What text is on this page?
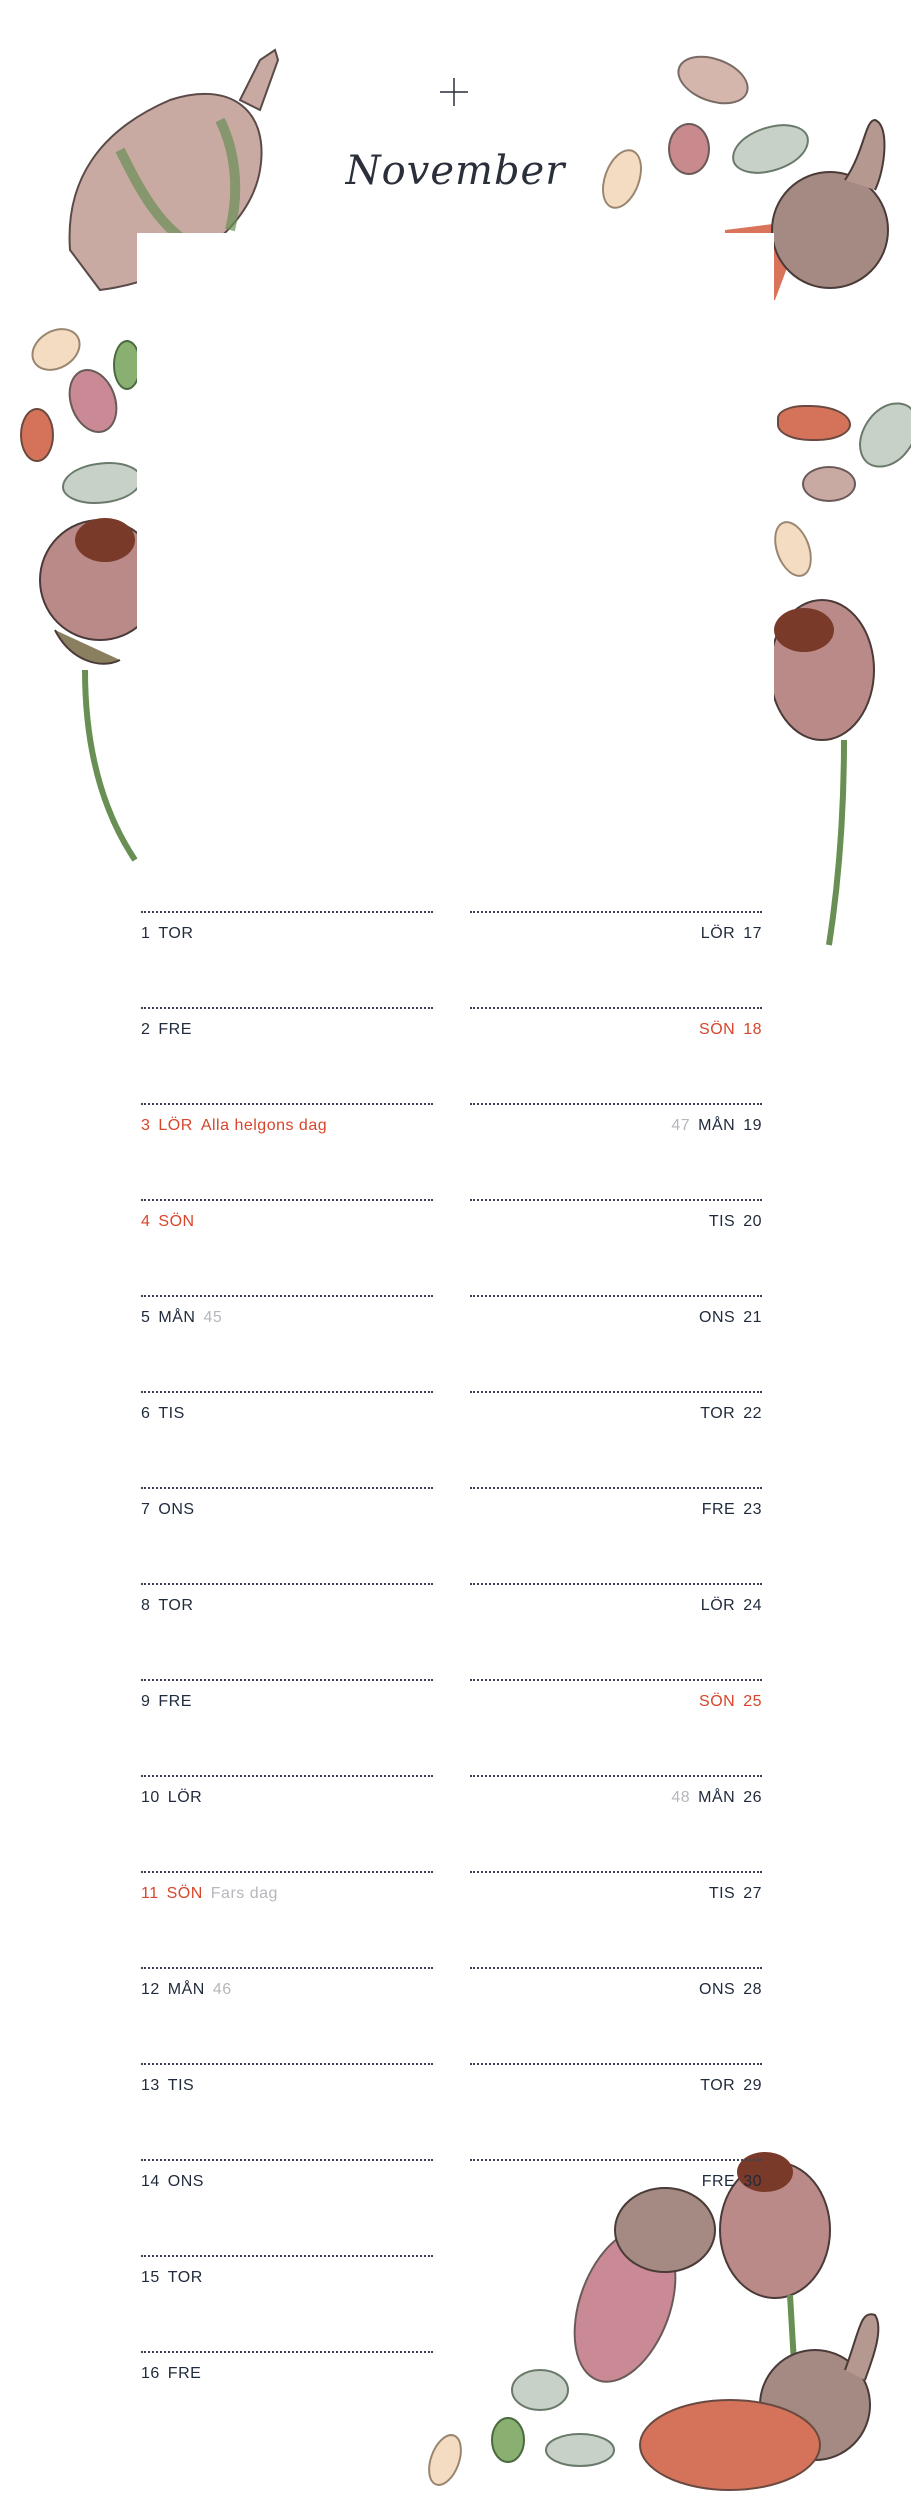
November
1 TOR
2 FRE
3 LÖR Alla helgons dag
4 SÖN
5 MÅN 45
6 TIS
7 ONS
8 TOR
9 FRE
10 LÖR
11 SÖN Fars dag
12 MÅN 46
13 TIS
14 ONS
15 TOR
16 FRE
LÖR 17
SÖN 18
47 MÅN 19
TIS 20
ONS 21
TOR 22
FRE 23
LÖR 24
SÖN 25
48 MÅN 26
TIS 27
ONS 28
TOR 29
FRE 30
